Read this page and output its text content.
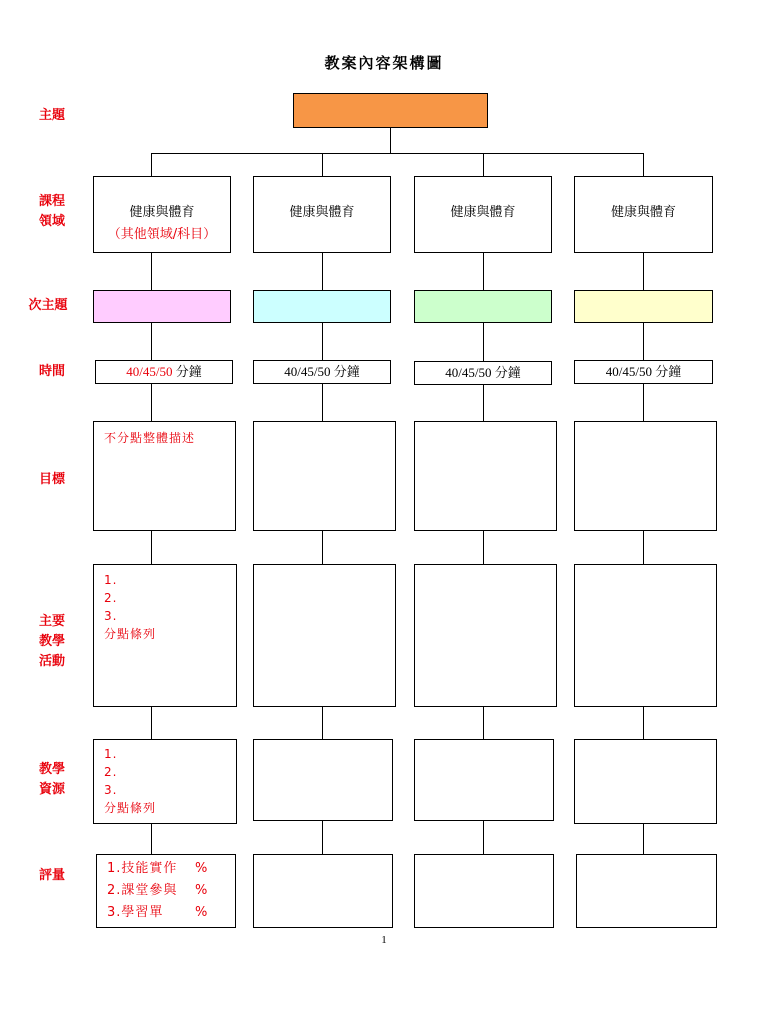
教案內容架構圖
主題
課程
領域
次主題
時間
目標
主要
教學
活動
教學
資源
評量
健康與體育
（其他領域/科目）
40/45/50 分鐘
不分點整體描述
1.
2.
3.
分點條列
1.
2.
3.
分點條列
1.技能實作 %
2.課堂參與 %
3.學習單 %
健康與體育
40/45/50 分鐘
健康與體育
40/45/50 分鐘
健康與體育
40/45/50 分鐘
1
